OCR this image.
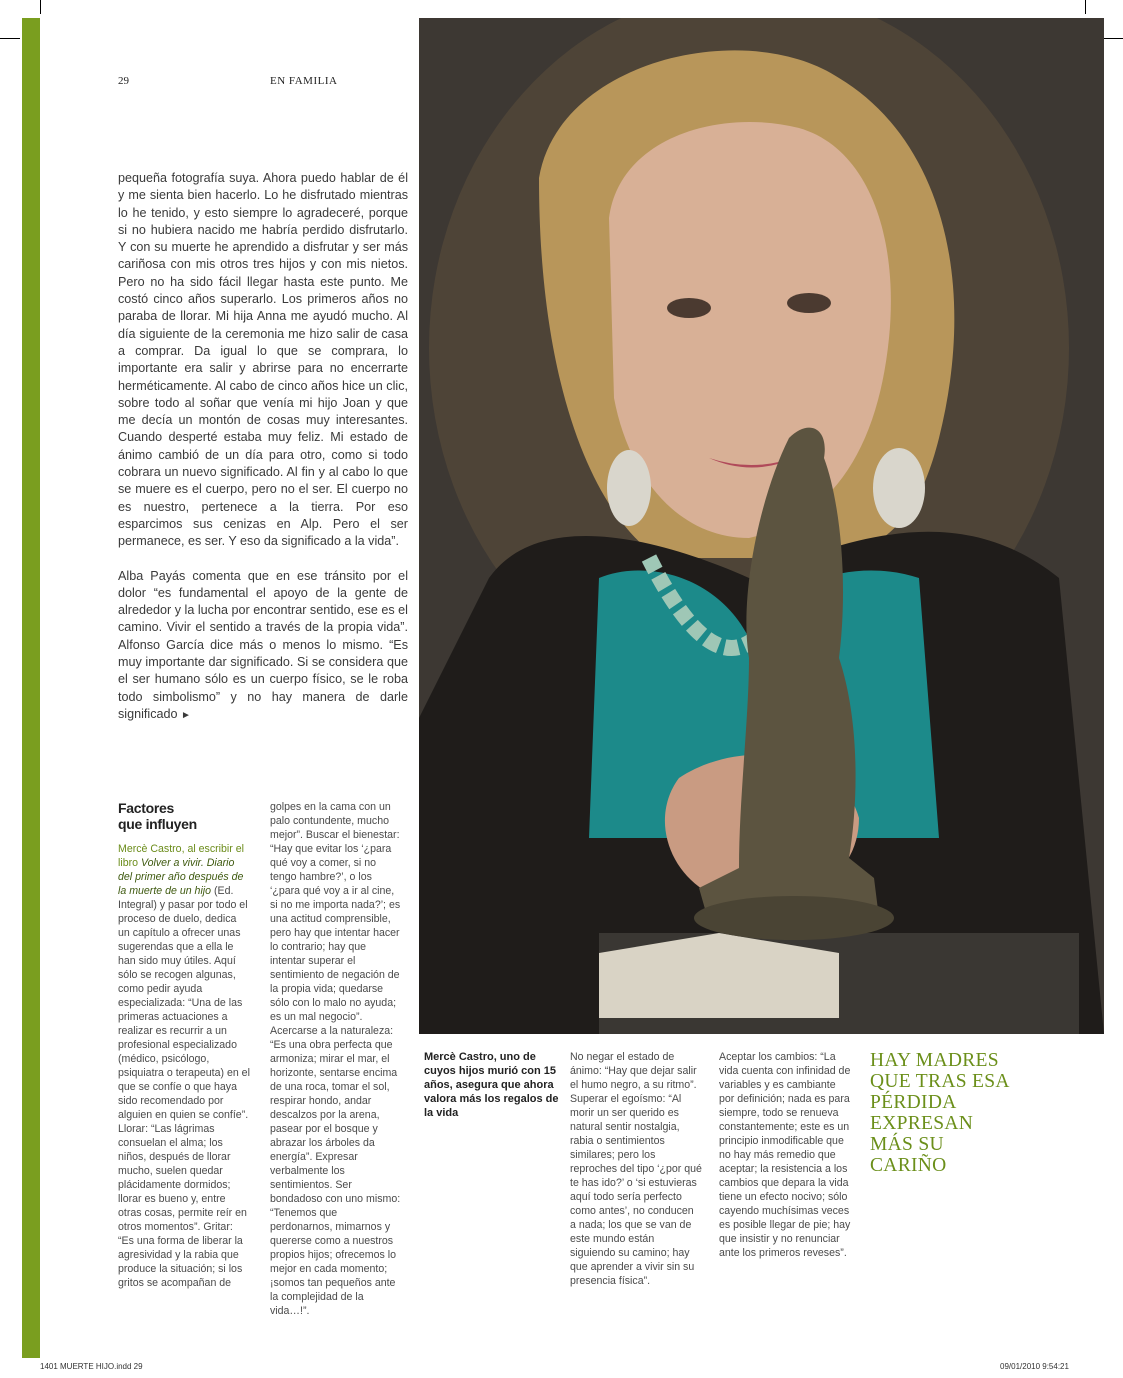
29	EN FAMILIA

pequeña fotografía suya. Ahora puedo hablar de él y me sienta bien hacerlo. Lo he disfrutado mientras lo he tenido, y esto siempre lo agradeceré, porque si no hubiera nacido me habría perdido disfrutarlo. Y con su muerte he aprendido a disfrutar y ser más cariñosa con mis otros tres hijos y con mis nietos. Pero no ha sido fácil llegar hasta este punto. Me costó cinco años superarlo. Los primeros años no paraba de llorar. Mi hija Anna me ayudó mucho. Al día siguiente de la ceremonia me hizo salir de casa a comprar. Da igual lo que se comprara, lo importante era salir y abrirse para no encerrarte herméticamente. Al cabo de cinco años hice un clic, sobre todo al soñar que venía mi hijo Joan y que me decía un montón de cosas muy interesantes. Cuando desperté estaba muy feliz. Mi estado de ánimo cambió de un día para otro, como si todo cobrara un nuevo significado. Al fin y al cabo lo que se muere es el cuerpo, pero no el ser. El cuerpo no es nuestro, pertenece a la tierra. Por eso esparcimos sus cenizas en Alp. Pero el ser permanece, es ser. Y eso da significado a la vida”.

Alba Payás comenta que en ese tránsito por el dolor “es fundamental el apoyo de la gente de alrededor y la lucha por encontrar sentido, ese es el camino. Vivir el sentido a través de la propia vida”. Alfonso García dice más o menos lo mismo. “Es muy importante dar significado. Si se considera que el ser humano sólo es un cuerpo físico, se le roba todo simbolismo” y no hay manera de darle significado ►

Mercè Castro, uno de cuyos hijos murió con 15 años, asegura que ahora valora más los regalos de la vida
Factores
que influyen

Mercè Castro, al escribir el libro Volver a vivir. Diario del primer año después de la muerte de un hijo (Ed. Integral) y pasar por todo el proceso de duelo, dedica un capítulo a ofrecer unas sugerendas que a ella le han sido muy útiles. Aquí sólo se recogen algunas, como pedir ayuda especializada: “Una de las primeras actuaciones a realizar es recurrir a un profesional especializado (médico, psicólogo, psiquiatra o terapeuta) en el que se confíe o que haya sido recomendado por alguien en quien se confíe”. Llorar: “Las lágrimas consuelan el alma; los niños, después de llorar mucho, suelen quedar plácidamente dormidos; llorar es bueno y, entre otras cosas, permite reír en otros momentos”. Gritar: “Es una forma de liberar la agresividad y la rabia que produce la situación; si los gritos se acompañan de

golpes en la cama con un palo contundente, mucho mejor”. Buscar el bienestar: “Hay que evitar los ‘¿para qué voy a comer, si no tengo hambre?’, o los ‘¿para qué voy a ir al cine, si no me importa nada?’; es una actitud comprensible, pero hay que intentar hacer lo contrario; hay que intentar superar el sentimiento de negación de la propia vida; quedarse sólo con lo malo no ayuda; es un mal negocio”. Acercarse a la naturaleza: “Es una obra perfecta que armoniza; mirar el mar, el horizonte, sentarse encima de una roca, tomar el sol, respirar hondo, andar descalzos por la arena, pasear por el bosque y abrazar los árboles da energía”. Expresar verbalmente los sentimientos. Ser bondadoso con uno mismo: “Tenemos que perdonarnos, mimarnos y quererse como a nuestros propios hijos; ofrecemos lo mejor en cada momento; ¡somos tan pequeños ante la complejidad de la vida…!”.

No negar el estado de ánimo: “Hay que dejar salir el humo negro, a su ritmo”. Superar el egoísmo: “Al morir un ser querido es natural sentir nostalgia, rabia o sentimientos similares; pero los reproches del tipo ‘¿por qué te has ido?’ o ‘si estuvieras aquí todo sería perfecto como antes’, no conducen a nada; los que se van de este mundo están siguiendo su camino; hay que aprender a vivir sin su presencia física”.

Aceptar los cambios: “La vida cuenta con infinidad de variables y es cambiante por definición; nada es para siempre, todo se renueva constantemente; este es un principio inmodificable que no hay más remedio que aceptar; la resistencia a los cambios que depara la vida tiene un efecto nocivo; sólo cayendo muchísimas veces es posible llegar de pie; hay que insistir y no renunciar ante los primeros reveses”.

HAY MADRES QUE TRAS ESA PÉRDIDA EXPRESAN MÁS SU CARIÑO
1401 MUERTE HIJO.indd 29	09/01/2010 9:54:21
